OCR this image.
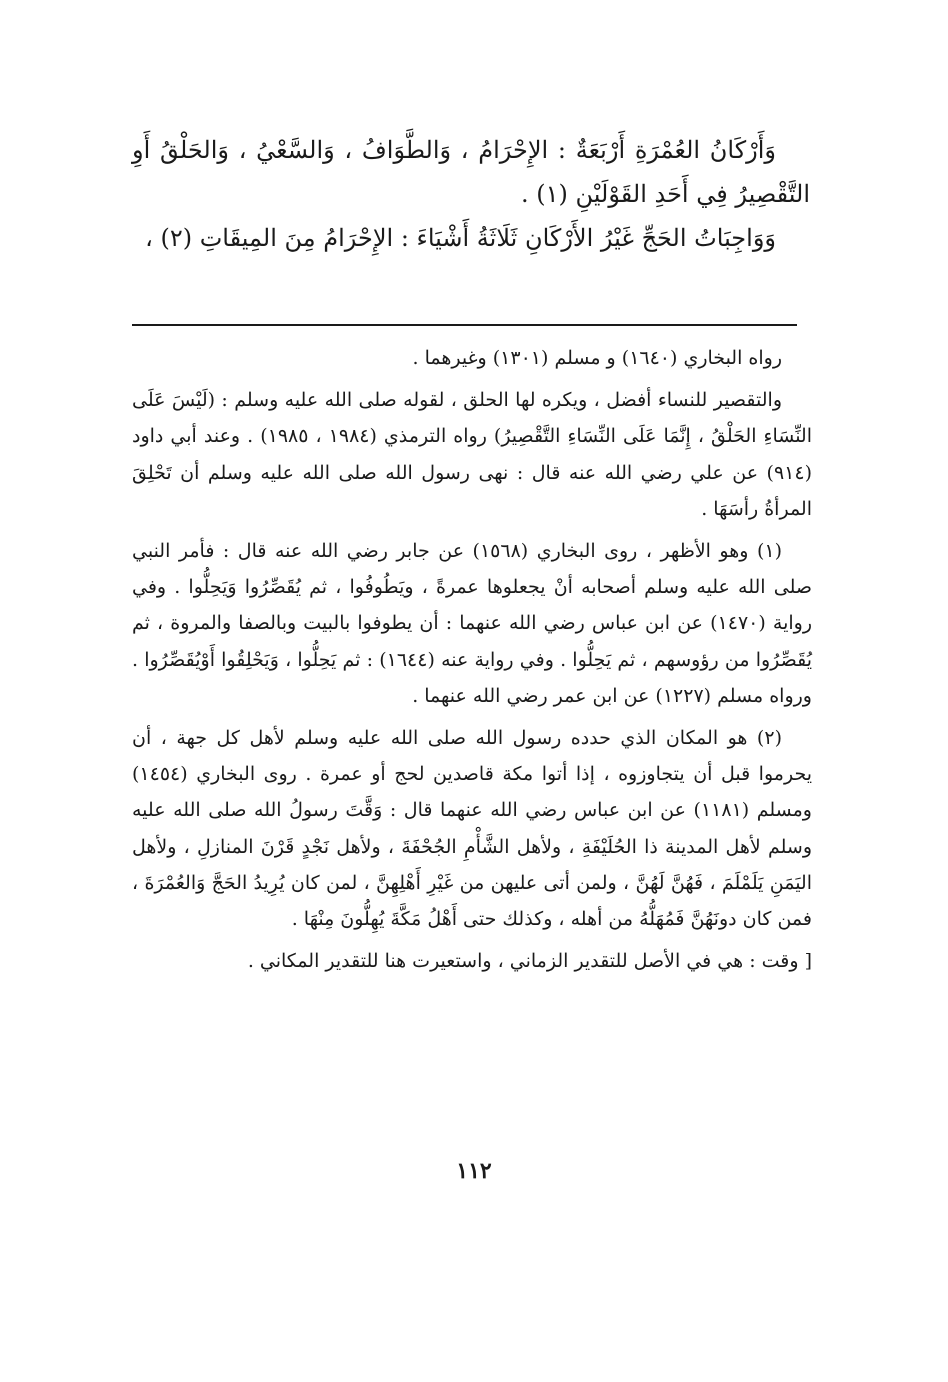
وَأَرْكَانُ العُمْرَةِ أَرْبَعَةٌ : الإِحْرَامُ ، وَالطَّوَافُ ، وَالسَّعْيُ ، وَالحَلْقُ أَوِ التَّقْصِيرُ فِي أَحَدِ القَوْلَيْنِ (١) .

وَوَاجِبَاتُ الحَجِّ غَيْرُ الأَرْكَانِ ثَلَاثَةُ أَشْيَاءَ : الإِحْرَامُ مِنَ المِيقَاتِ (٢) ،

رواه البخاري (١٦٤٠) و مسلم (١٣٠١) وغيرهما .

والتقصير للنساء أفضل ، ويكره لها الحلق ، لقوله صلى الله عليه وسلم : (لَيْسَ عَلَى النِّسَاءِ الحَلْقُ ، إِنَّمَا عَلَى النِّسَاءِ التَّقْصِيرُ) رواه الترمذي (١٩٨٤ ، ١٩٨٥) . وعند أبي داود (٩١٤) عن علي رضي الله عنه قال : نهى رسول الله صلى الله عليه وسلم أن تَحْلِقَ المرأةُ رأسَهَا .

(١) وهو الأظهر ، روى البخاري (١٥٦٨) عن جابر رضي الله عنه قال : فأمر النبي صلى الله عليه وسلم أصحابه أنْ يجعلوها عمرةً ، ويَطُوفُوا ، ثم يُقَصِّرُوا وَيَحِلُّوا . وفي رواية (١٤٧٠) عن ابن عباس رضي الله عنهما : أن يطوفوا بالبيت وبالصفا والمروة ، ثم يُقَصِّرُوا من رؤوسهم ، ثم يَحِلُّوا . وفي رواية عنه (١٦٤٤) : ثم يَحِلُّوا ، وَيَحْلِقُوا أَوْيُقَصِّرُوا . ورواه مسلم (١٢٢٧) عن ابن عمر رضي الله عنهما .

(٢) هو المكان الذي حدده رسول الله صلى الله عليه وسلم لأهل كل جهة ، أن يحرموا قبل أن يتجاوزوه ، إذا أتوا مكة قاصدين لحج أو عمرة . روى البخاري (١٤٥٤) ومسلم (١١٨١) عن ابن عباس رضي الله عنهما قال : وَقَّتَ رسولُ الله صلى الله عليه وسلم لأهل المدينة ذا الحُلَيْفَةِ ، ولأهل الشَّأْمِ الجُحْفَةَ ، ولأهل نَجْدٍ قَرْنَ المنازلِ ، ولأهل اليَمَنِ يَلَمْلَمَ ، فَهُنَّ لَهُنَّ ، ولمن أتى عليهن من غَيْرِ أَهْلِهِنَّ ، لمن كان يُرِيدُ الحَجَّ وَالعُمْرَةَ ، فمن كان دونَهُنَّ فَمُهَلُّهُ من أهله ، وكذلك حتى أَهْلُ مَكَّةَ يُهِلُّونَ مِنْهَا .

[ وقت : هي في الأصل للتقدير الزماني ، واستعيرت هنا للتقدير المكاني .

١١٢
